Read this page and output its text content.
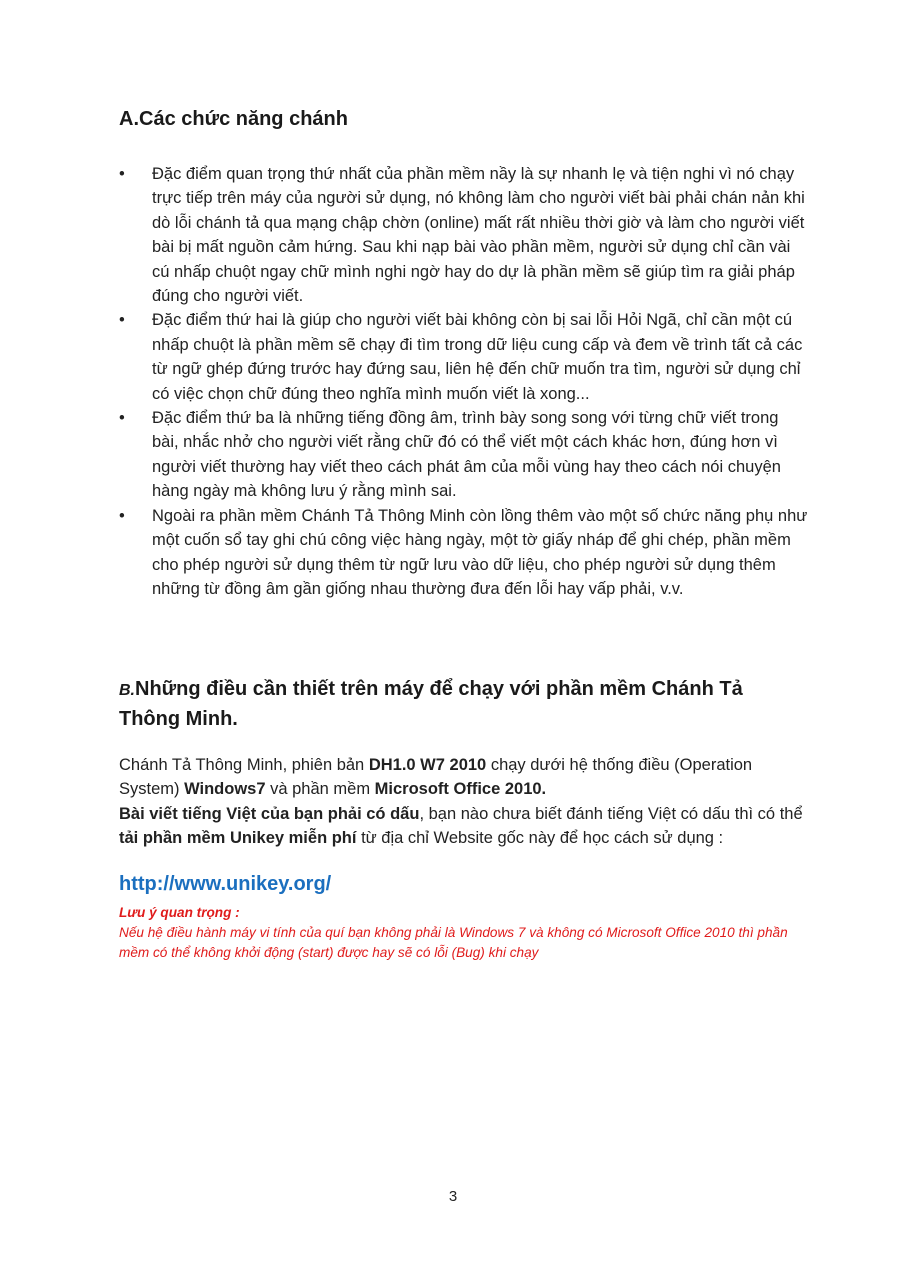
A.Các chức năng chánh
•	Đặc điểm quan trọng thứ nhất của phần mềm nầy là sự nhanh lẹ và tiện nghi vì nó chạy trực tiếp trên máy của người sử dụng, nó không làm cho người viết bài phải chán nản khi dò lỗi chánh tả qua mạng chập chờn (online) mất rất nhiều thời giờ và làm cho người viết bài bị mất nguồn cảm hứng. Sau khi nạp bài vào phần mềm, người sử dụng chỉ cần vài cú nhấp chuột ngay chữ mình nghi ngờ hay do dự là phần mềm sẽ giúp tìm ra giải pháp đúng cho người viết.
•	Đặc điểm thứ hai là giúp cho người viết bài không còn bị sai lỗi Hỏi Ngã, chỉ cần một cú nhấp chuột là phần mềm sẽ chạy đi tìm trong dữ liệu cung cấp và đem về trình tất cả các từ ngữ ghép đứng trước hay đứng sau, liên hệ đến chữ muốn tra tìm, người sử dụng chỉ có việc chọn chữ đúng theo nghĩa mình muốn viết là xong...
•	Đặc điểm thứ ba là những tiếng đồng âm, trình bày song song với từng chữ viết trong bài, nhắc nhở cho người viết rằng chữ đó có thể viết một cách khác hơn, đúng hơn vì người viết thường hay viết theo cách phát âm của mỗi vùng hay theo cách nói chuyện hàng ngày mà không lưu ý rằng mình sai.
•	Ngoài ra phần mềm Chánh Tả Thông Minh còn lồng thêm vào một số chức năng phụ như một cuốn sổ tay ghi chú công việc hàng ngày, một tờ giấy nháp để ghi chép, phần mềm cho phép người sử dụng thêm từ ngữ lưu vào dữ liệu, cho phép người sử dụng thêm những từ đồng âm gần giống nhau thường đưa đến lỗi hay vấp phải, v.v.
B.Những điều cần thiết trên máy để chạy với phần mềm Chánh Tả Thông Minh.

Chánh Tả Thông Minh, phiên bản DH1.0 W7 2010 chạy dưới hệ thống điều (Operation System) Windows7 và phần mềm Microsoft Office 2010.
Bài viết tiếng Việt của bạn phải có dấu, bạn nào chưa biết đánh tiếng Việt có dấu thì có thể tải phần mềm Unikey miễn phí từ địa chỉ Website gốc này để học cách sử dụng :

http://www.unikey.org/
Lưu ý quan trọng :
Nếu hệ điều hành máy vi tính của quí bạn không phải là Windows 7 và không có Microsoft Office 2010 thì phần mềm có thể không khởi động (start) được hay sẽ có lỗi (Bug) khi chạy
3
